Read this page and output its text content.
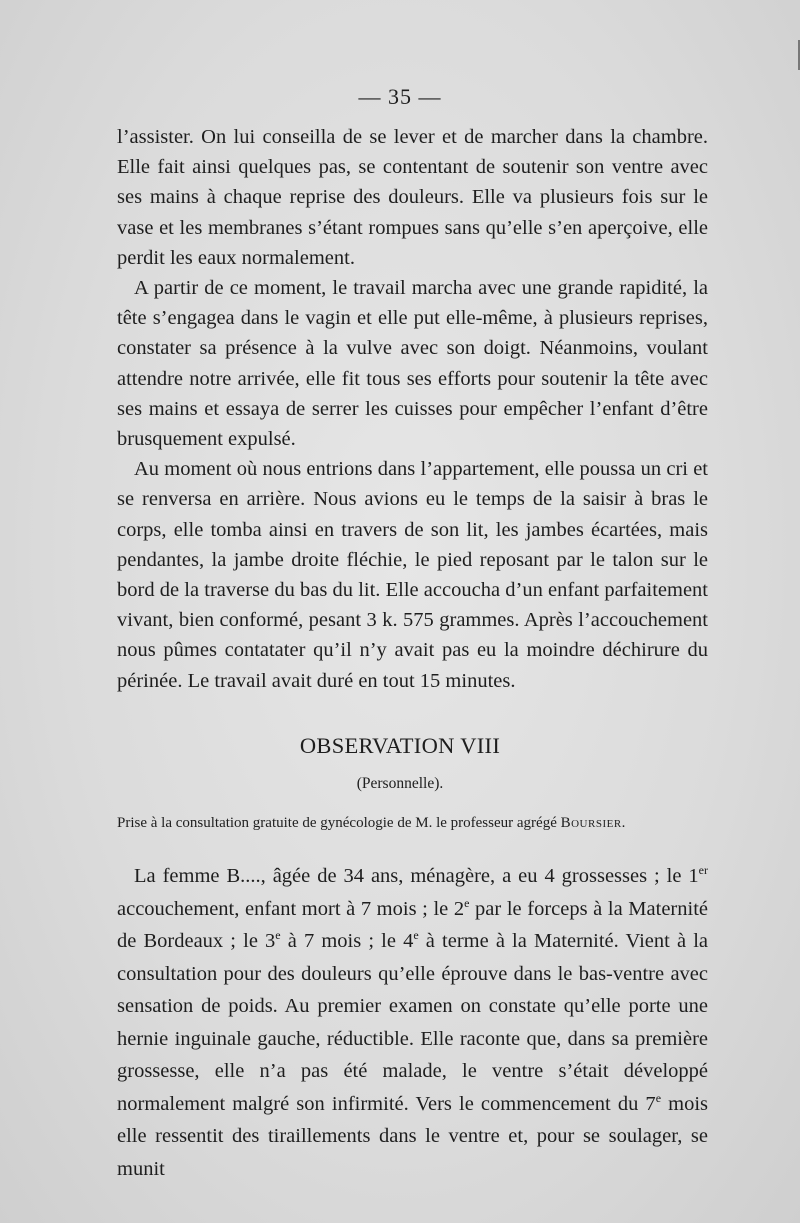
— 35 —

l’assister. On lui conseilla de se lever et de marcher dans la chambre. Elle fait ainsi quelques pas, se contentant de soutenir son ventre avec ses mains à chaque reprise des douleurs. Elle va plusieurs fois sur le vase et les membranes s’étant rompues sans qu’elle s’en aperçoive, elle perdit les eaux normalement.

A partir de ce moment, le travail marcha avec une grande rapidité, la tête s’engagea dans le vagin et elle put elle-même, à plusieurs reprises, constater sa présence à la vulve avec son doigt. Néanmoins, voulant attendre notre arrivée, elle fit tous ses efforts pour soutenir la tête avec ses mains et essaya de serrer les cuisses pour empêcher l’enfant d’être brusquement expulsé.

Au moment où nous entrions dans l’appartement, elle poussa un cri et se renversa en arrière. Nous avions eu le temps de la saisir à bras le corps, elle tomba ainsi en travers de son lit, les jambes écartées, mais pendantes, la jambe droite fléchie, le pied reposant par le talon sur le bord de la traverse du bas du lit. Elle accoucha d’un enfant parfaitement vivant, bien conformé, pesant 3 k. 575 grammes. Après l’accouchement nous pûmes contatater qu’il n’y avait pas eu la moindre déchirure du périnée. Le travail avait duré en tout 15 minutes.

OBSERVATION VIII
(Personnelle).
Prise à la consultation gratuite de gynécologie de M. le professeur agrégé Boursier.

La femme B...., âgée de 34 ans, ménagère, a eu 4 grossesses ; le 1er accouchement, enfant mort à 7 mois ; le 2e par le forceps à la Maternité de Bordeaux ; le 3e à 7 mois ; le 4e à terme à la Maternité. Vient à la consultation pour des douleurs qu’elle éprouve dans le bas-ventre avec sensation de poids. Au premier examen on constate qu’elle porte une hernie inguinale gauche, réductible. Elle raconte que, dans sa première grossesse, elle n’a pas été malade, le ventre s’était développé normalement malgré son infirmité. Vers le commencement du 7e mois elle ressentit des tiraillements dans le ventre et, pour se soulager, se munit
